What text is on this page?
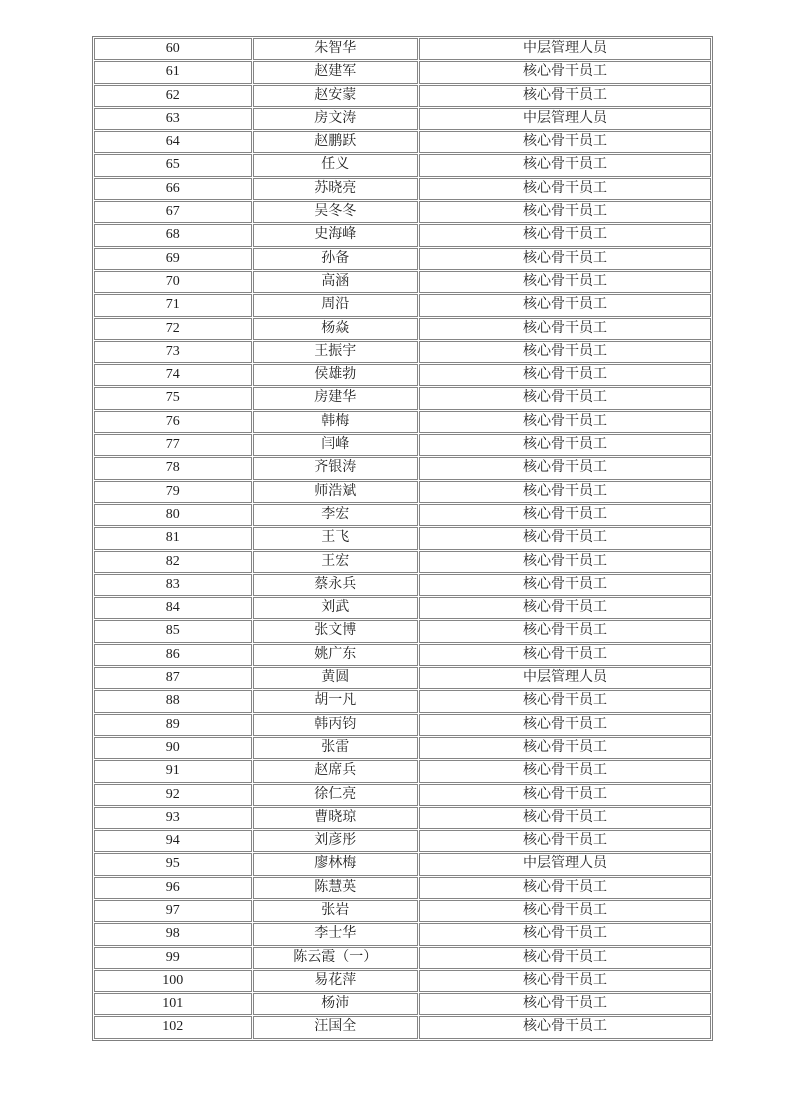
60	朱智华	中层管理人员
61	赵建军	核心骨干员工
62	赵安蒙	核心骨干员工
63	房文涛	中层管理人员
64	赵鹏跃	核心骨干员工
65	任义	核心骨干员工
66	苏晓亮	核心骨干员工
67	吴冬冬	核心骨干员工
68	史海峰	核心骨干员工
69	孙备	核心骨干员工
70	高涵	核心骨干员工
71	周沿	核心骨干员工
72	杨焱	核心骨干员工
73	王振宇	核心骨干员工
74	侯雄勃	核心骨干员工
75	房建华	核心骨干员工
76	韩梅	核心骨干员工
77	闫峰	核心骨干员工
78	齐银涛	核心骨干员工
79	师浩斌	核心骨干员工
80	李宏	核心骨干员工
81	王飞	核心骨干员工
82	王宏	核心骨干员工
83	蔡永兵	核心骨干员工
84	刘武	核心骨干员工
85	张文博	核心骨干员工
86	姚广东	核心骨干员工
87	黄圆	中层管理人员
88	胡一凡	核心骨干员工
89	韩丙钧	核心骨干员工
90	张雷	核心骨干员工
91	赵席兵	核心骨干员工
92	徐仁亮	核心骨干员工
93	曹晓琼	核心骨干员工
94	刘彦彤	核心骨干员工
95	廖林梅	中层管理人员
96	陈慧英	核心骨干员工
97	张岩	核心骨干员工
98	李士华	核心骨干员工
99	陈云霞（一）	核心骨干员工
100	易花萍	核心骨干员工
101	杨沛	核心骨干员工
102	汪国全	核心骨干员工
